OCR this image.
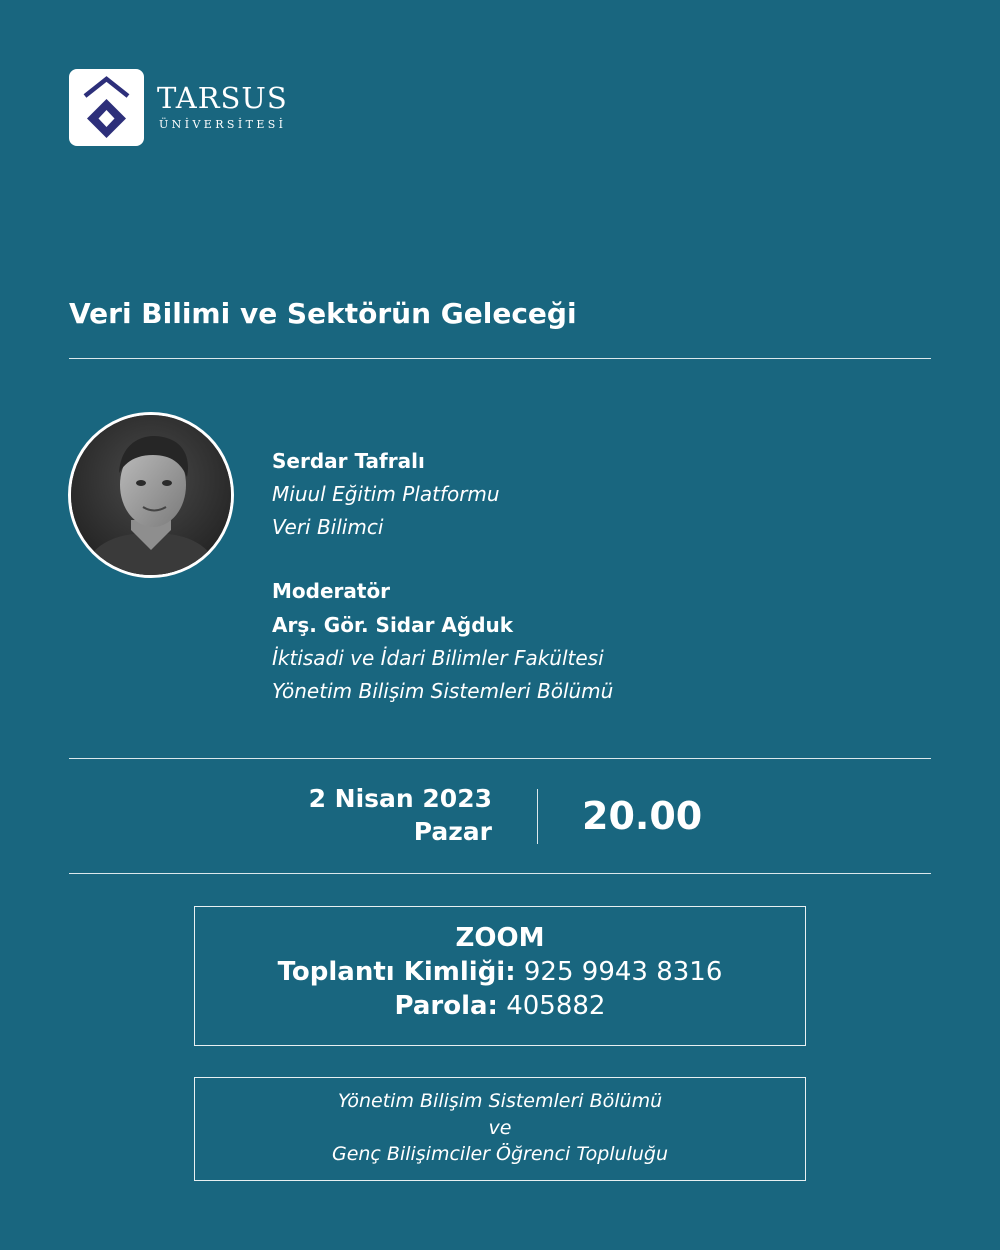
TARSUS
ÜNİVERSİTESİ
Veri Bilimi ve Sektörün Geleceği
Serdar Tafralı
Miuul Eğitim Platformu
Veri Bilimci
Moderatör
Arş. Gör. Sidar Ağduk
İktisadi ve İdari Bilimler Fakültesi
Yönetim Bilişim Sistemleri Bölümü
2 Nisan 2023
Pazar 20.00
ZOOM
Toplantı Kimliği: 925 9943 8316
Parola: 405882
Yönetim Bilişim Sistemleri Bölümü
ve
Genç Bilişimciler Öğrenci Topluluğu
